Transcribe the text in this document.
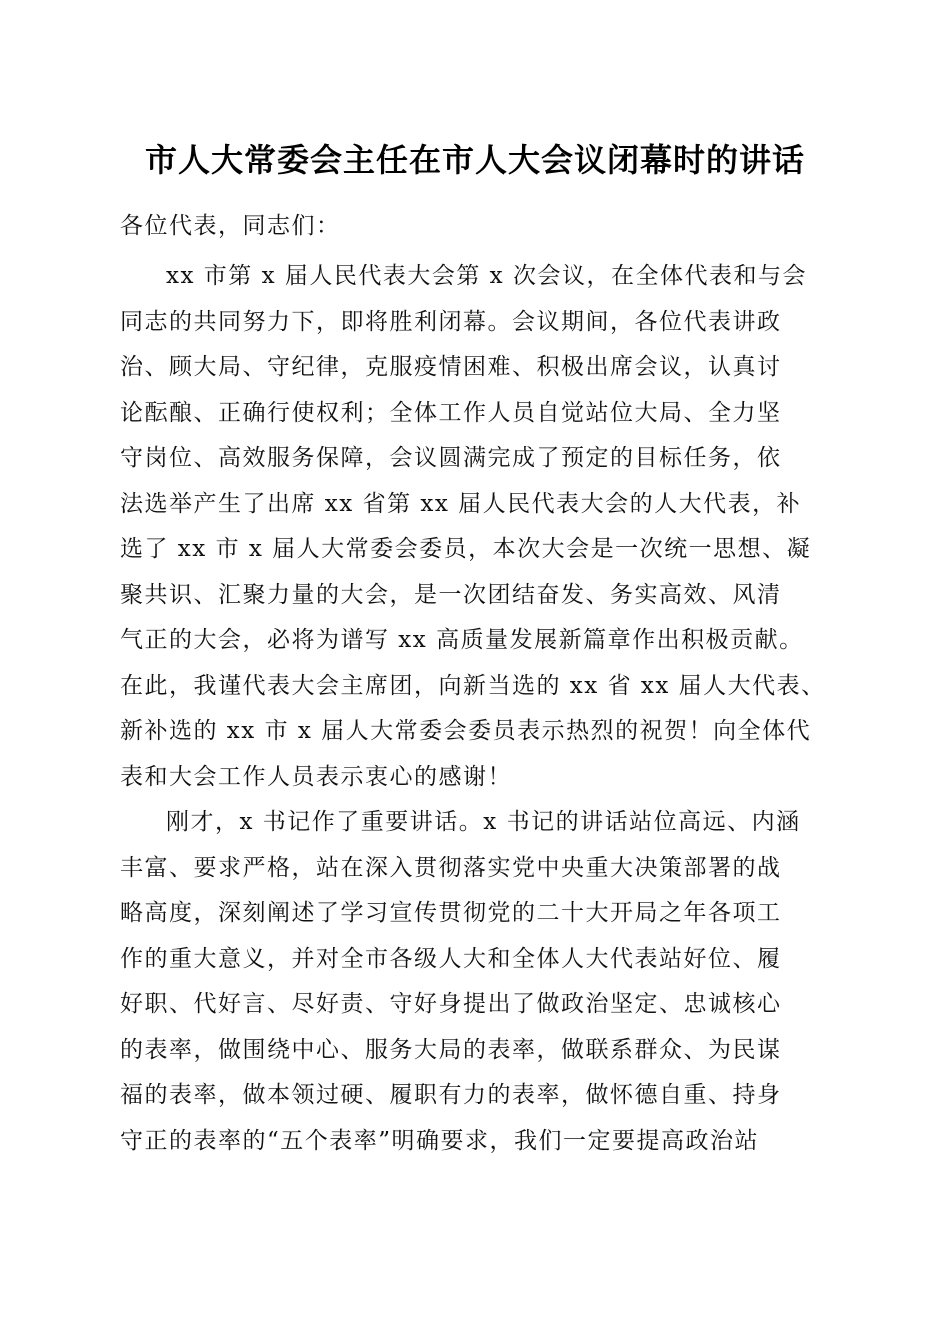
市人大常委会主任在市人大会议闭幕时的讲话
各位代表，同志们：
xx 市第 x 届人民代表大会第 x 次会议，在全体代表和与会
同志的共同努力下，即将胜利闭幕。会议期间，各位代表讲政
治、顾大局、守纪律，克服疫情困难、积极出席会议，认真讨
论酝酿、正确行使权利；全体工作人员自觉站位大局、全力坚
守岗位、高效服务保障，会议圆满完成了预定的目标任务，依
法选举产生了出席 xx 省第 xx 届人民代表大会的人大代表，补
选了 xx 市 x 届人大常委会委员，本次大会是一次统一思想、凝
聚共识、汇聚力量的大会，是一次团结奋发、务实高效、风清
气正的大会，必将为谱写 xx 高质量发展新篇章作出积极贡献。
在此，我谨代表大会主席团，向新当选的 xx 省 xx 届人大代表、
新补选的 xx 市 x 届人大常委会委员表示热烈的祝贺！向全体代
表和大会工作人员表示衷心的感谢！
刚才，x 书记作了重要讲话。x 书记的讲话站位高远、内涵
丰富、要求严格，站在深入贯彻落实党中央重大决策部署的战
略高度，深刻阐述了学习宣传贯彻党的二十大开局之年各项工
作的重大意义，并对全市各级人大和全体人大代表站好位、履
好职、代好言、尽好责、守好身提出了做政治坚定、忠诚核心
的表率，做围绕中心、服务大局的表率，做联系群众、为民谋
福的表率，做本领过硬、履职有力的表率，做怀德自重、持身
守正的表率的“五个表率”明确要求，我们一定要提高政治站
